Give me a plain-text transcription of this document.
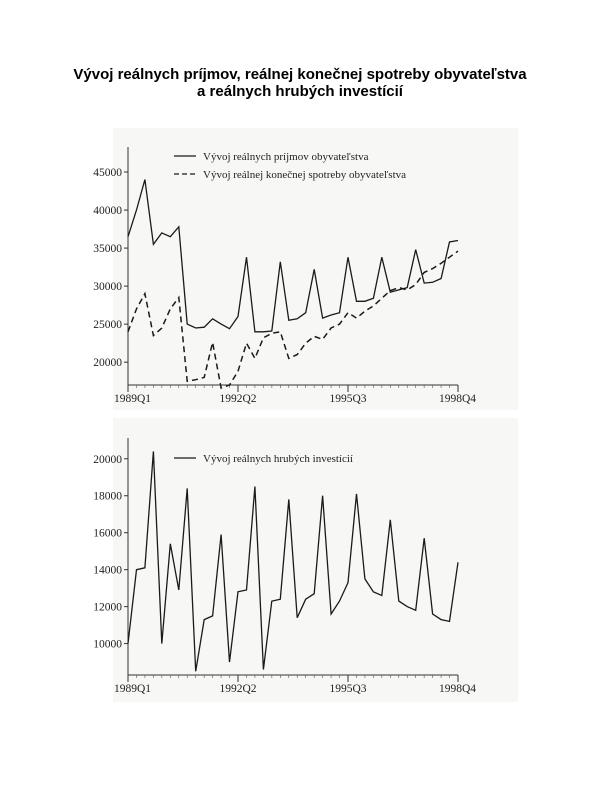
Vývoj reálnych príjmov, reálnej konečnej spotreby obyvateľstva
a reálnych hrubých investícií
20000
25000
30000
35000
40000
45000
1989Q1	1992Q2	1995Q3	1998Q4
Vývoj reálnych príjmov obyvateľstva
Vývoj reálnej konečnej spotreby obyvateľstva
10000
12000
14000
16000
18000
20000
1989Q1	1992Q2	1995Q3	1998Q4
Vývoj reálnych hrubých investícií
